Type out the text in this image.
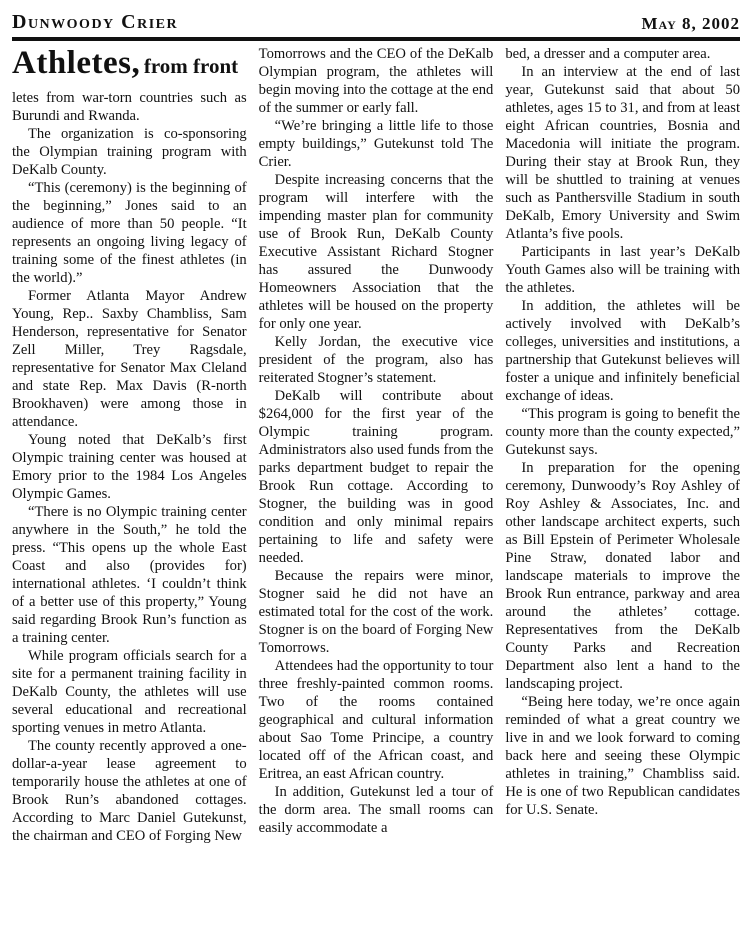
Dunwoody Crier	May 8, 2002
Athletes, from front

letes from war-torn countries such as Burundi and Rwanda.

The organization is co-sponsoring the Olympian training program with DeKalb County.

“This (ceremony) is the beginning of the beginning,” Jones said to an audience of more than 50 people. “It represents an ongoing living legacy of training some of the finest athletes (in the world).”

Former Atlanta Mayor Andrew Young, Rep.. Saxby Chambliss, Sam Henderson, representative for Senator Zell Miller, Trey Ragsdale, representative for Senator Max Cleland and state Rep. Max Davis (R-north Brookhaven) were among those in attendance.

Young noted that DeKalb’s first Olympic training center was housed at Emory prior to the 1984 Los Angeles Olympic Games.

“There is no Olympic training center anywhere in the South,” he told the press. “This opens up the whole East Coast and also (provides for) international athletes. ‘I couldn’t think of a better use of this property,” Young said regarding Brook Run’s function as a training center.

While program officials search for a site for a permanent training facility in DeKalb County, the athletes will use several educational and recreational sporting venues in metro Atlanta.

The county recently approved a one-dollar-a-year lease agreement to temporarily house the athletes at one of Brook Run’s abandoned cottages. According to Marc Daniel Gutekunst, the chairman and CEO of Forging New

Tomorrows and the CEO of the DeKalb Olympian program, the athletes will begin moving into the cottage at the end of the summer or early fall.

“We’re bringing a little life to those empty buildings,” Gutekunst told The Crier.

Despite increasing concerns that the program will interfere with the impending master plan for community use of Brook Run, DeKalb County Executive Assistant Richard Stogner has assured the Dunwoody Homeowners Association that the athletes will be housed on the property for only one year.

Kelly Jordan, the executive vice president of the program, also has reiterated Stogner’s statement.

DeKalb will contribute about $264,000 for the first year of the Olympic training program. Administrators also used funds from the parks department budget to repair the Brook Run cottage. According to Stogner, the building was in good condition and only minimal repairs pertaining to life and safety were needed.

Because the repairs were minor, Stogner said he did not have an estimated total for the cost of the work. Stogner is on the board of Forging New Tomorrows.

Attendees had the opportunity to tour three freshly-painted common rooms. Two of the rooms contained geographical and cultural information about Sao Tome Principe, a country located off of the African coast, and Eritrea, an east African country.

In addition, Gutekunst led a tour of the dorm area. The small rooms can easily accommodate a

bed, a dresser and a computer area.

In an interview at the end of last year, Gutekunst said that about 50 athletes, ages 15 to 31, and from at least eight African countries, Bosnia and Macedonia will initiate the program. During their stay at Brook Run, they will be shuttled to training at venues such as Panthersville Stadium in south DeKalb, Emory University and Swim Atlanta’s five pools.

Participants in last year’s DeKalb Youth Games also will be training with the athletes.

In addition, the athletes will be actively involved with DeKalb’s colleges, universities and institutions, a partnership that Gutekunst believes will foster a unique and infinitely beneficial exchange of ideas.

“This program is going to benefit the county more than the county expected,” Gutekunst says.

In preparation for the opening ceremony, Dunwoody’s Roy Ashley of Roy Ashley & Associates, Inc. and other landscape architect experts, such as Bill Epstein of Perimeter Wholesale Pine Straw, donated labor and landscape materials to improve the Brook Run entrance, parkway and area around the athletes’ cottage. Representatives from the DeKalb County Parks and Recreation Department also lent a hand to the landscaping project.

“Being here today, we’re once again reminded of what a great country we live in and we look forward to coming back here and seeing these Olympic athletes in training,” Chambliss said. He is one of two Republican candidates for U.S. Senate.
